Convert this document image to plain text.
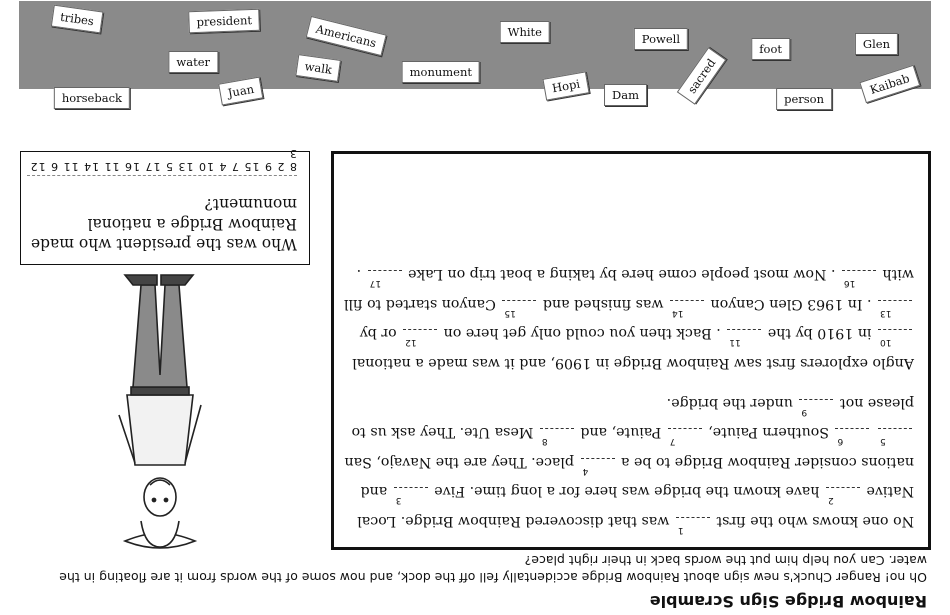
Rainbow Bridge Sign Scramble
Oh no! Ranger Chuck's new sign about Rainbow Bridge accidentally fell off the dock, and now some of the words from it are floating in the water. Can you help him put the words back in their right place?

No one knows who the first
1
was that discovered Rainbow Bridge. Local Native
2
have known the bridge was here for a long time. Five
3
and nations consider Rainbow Bridge to be a
4
place. They are the Navajo, San
5

6
Southern Paiute,
7
Paiute, and
8
Mesa Ute. They ask us to please not
9
under the bridge.

Anglo explorers first saw Rainbow Bridge in 1909, and it was made a national
10
in 1910 by the
11
. Back then you could only get here on
12
or by
13
. In 1963 Glen Canyon
14
was finished and
15
Canyon started to fill with
16
. Now most people come here by taking a boat trip on Lake
17
.

Who was the president who made Rainbow Bridge a national monument?
8 2 9 15 7 4 10 13 5 17 16 11 14 11 6 12 3
tribes	president
Americans	White	Powell
foot	Glen
horseback
water
Juan
walk	monument
Hopi	Dam	sacred
person
Kaibab
